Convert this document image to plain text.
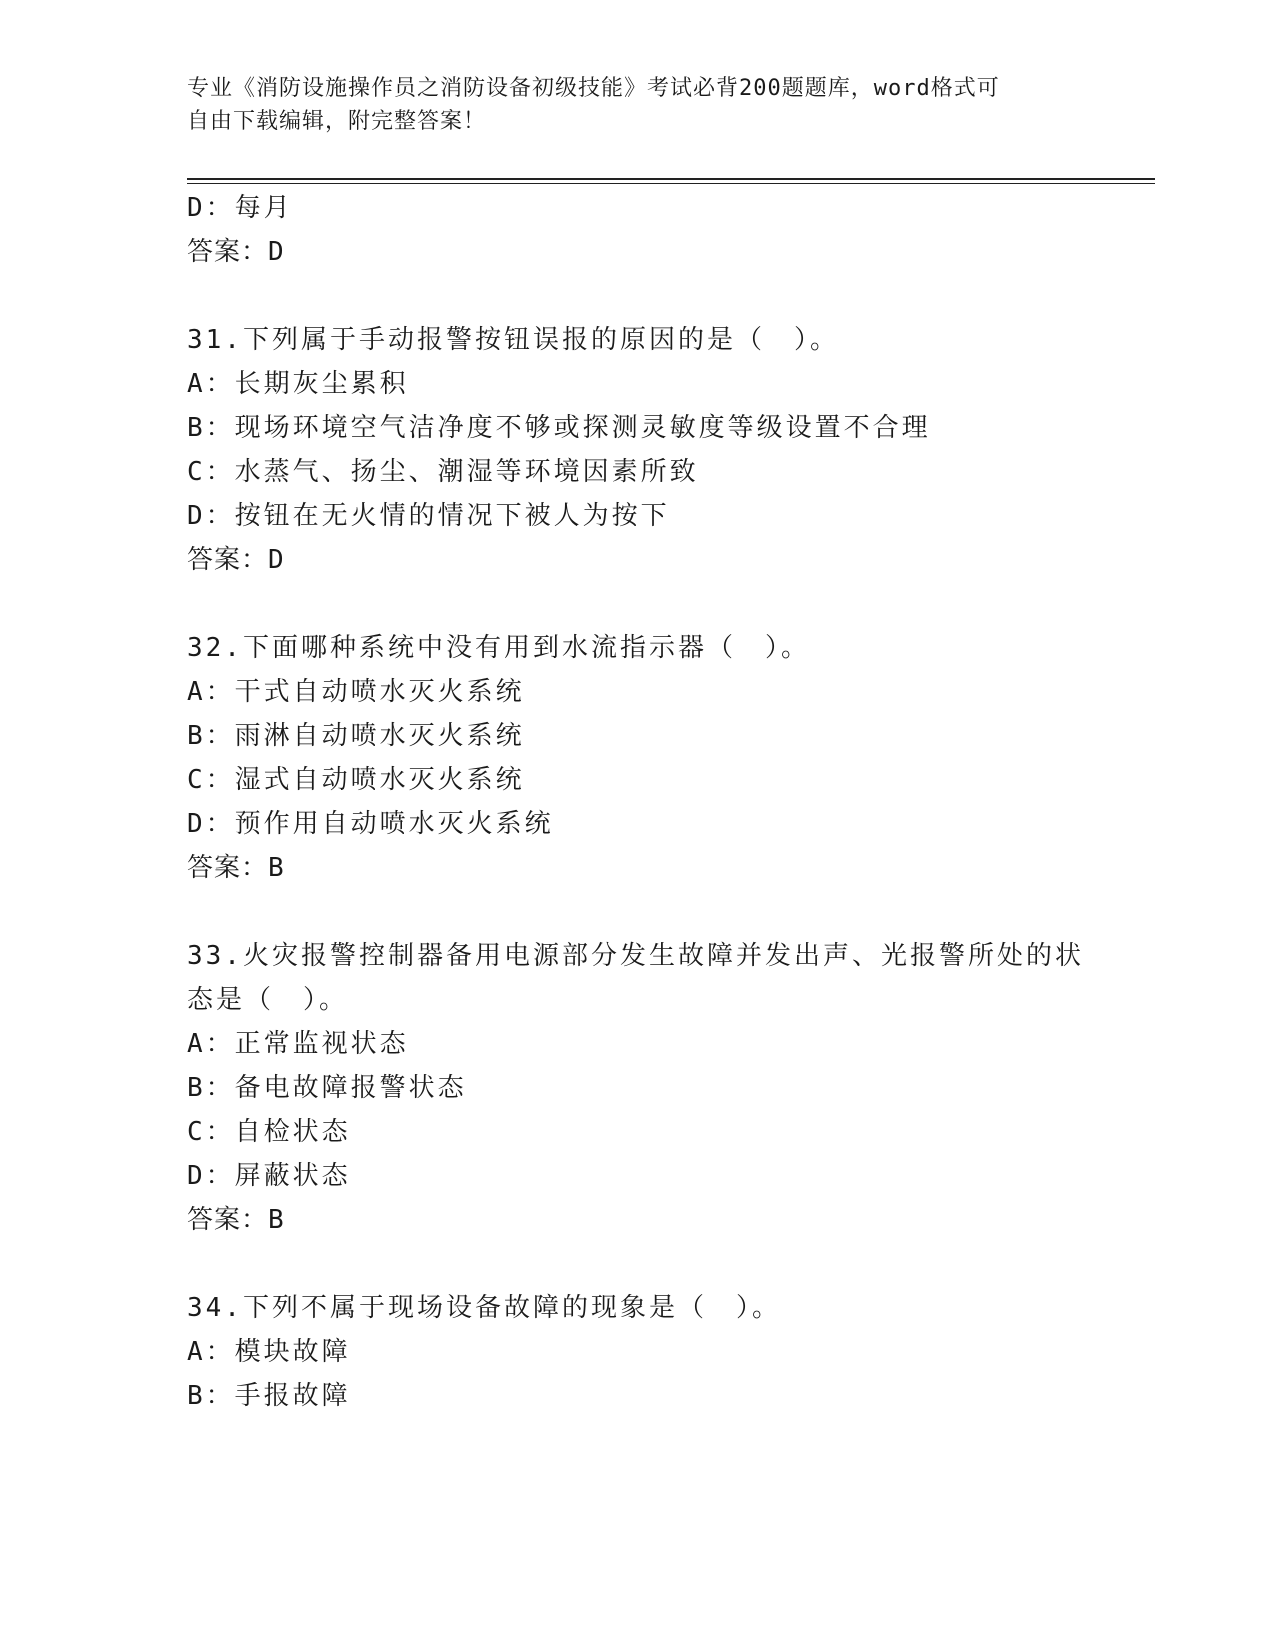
专业《消防设施操作员之消防设备初级技能》考试必背200题题库，word格式可
自由下载编辑，附完整答案！
D：每月
答案：D
31.下列属于手动报警按钮误报的原因的是（　）。
A：长期灰尘累积
B：现场环境空气洁净度不够或探测灵敏度等级设置不合理
C：水蒸气、扬尘、潮湿等环境因素所致
D：按钮在无火情的情况下被人为按下
答案：D
32.下面哪种系统中没有用到水流指示器（　）。
A：干式自动喷水灭火系统
B：雨淋自动喷水灭火系统
C：湿式自动喷水灭火系统
D：预作用自动喷水灭火系统
答案：B
33.火灾报警控制器备用电源部分发生故障并发出声、光报警所处的状
态是（　）。
A：正常监视状态
B：备电故障报警状态
C：自检状态
D：屏蔽状态
答案：B
34.下列不属于现场设备故障的现象是（　）。
A：模块故障
B：手报故障
